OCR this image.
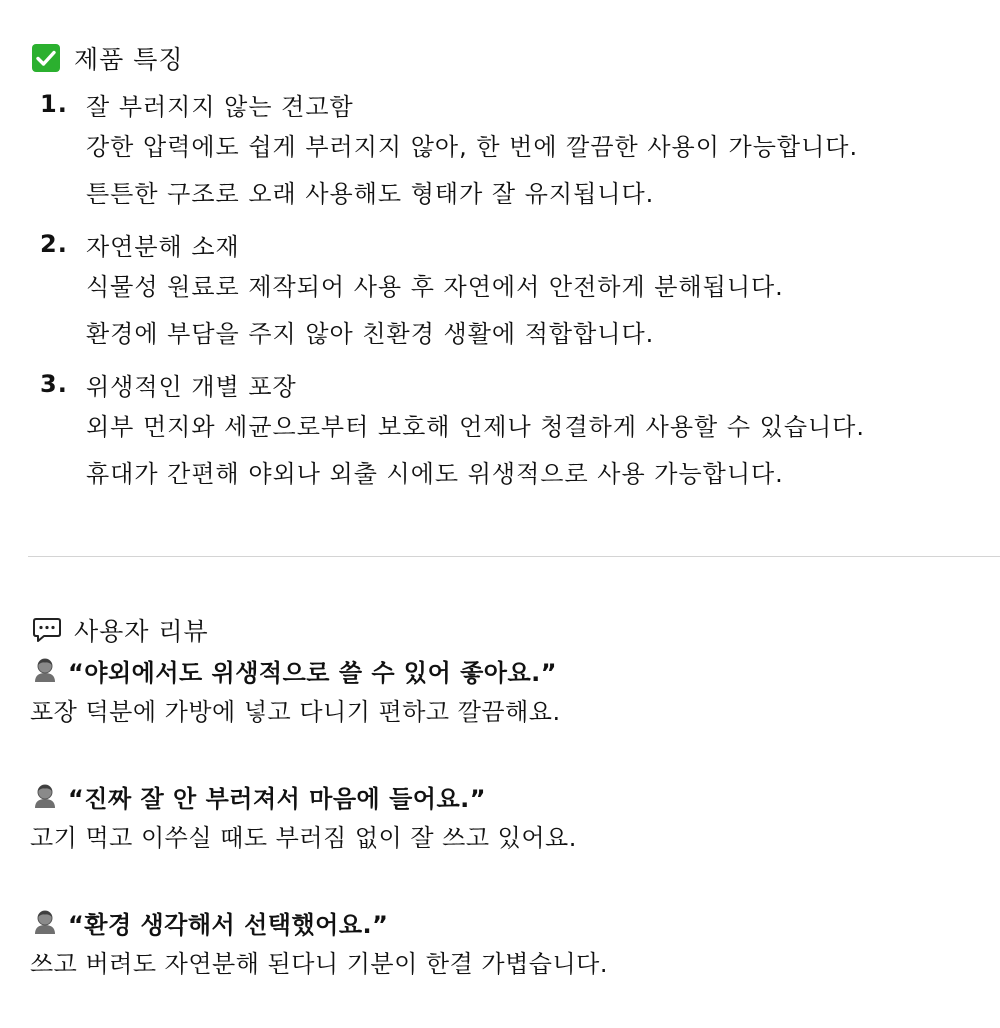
제품 특징
1. 잘 부러지지 않는 견고함
강한 압력에도 쉽게 부러지지 않아, 한 번에 깔끔한 사용이 가능합니다.
튼튼한 구조로 오래 사용해도 형태가 잘 유지됩니다.
2. 자연분해 소재
식물성 원료로 제작되어 사용 후 자연에서 안전하게 분해됩니다.
환경에 부담을 주지 않아 친환경 생활에 적합합니다.
3. 위생적인 개별 포장
외부 먼지와 세균으로부터 보호해 언제나 청결하게 사용할 수 있습니다.
휴대가 간편해 야외나 외출 시에도 위생적으로 사용 가능합니다.
사용자 리뷰
“야외에서도 위생적으로 쓸 수 있어 좋아요.”
포장 덕분에 가방에 넣고 다니기 편하고 깔끔해요.
“진짜 잘 안 부러져서 마음에 들어요.”
고기 먹고 이쑤실 때도 부러짐 없이 잘 쓰고 있어요.
“환경 생각해서 선택했어요.”
쓰고 버려도 자연분해 된다니 기분이 한결 가볍습니다.
